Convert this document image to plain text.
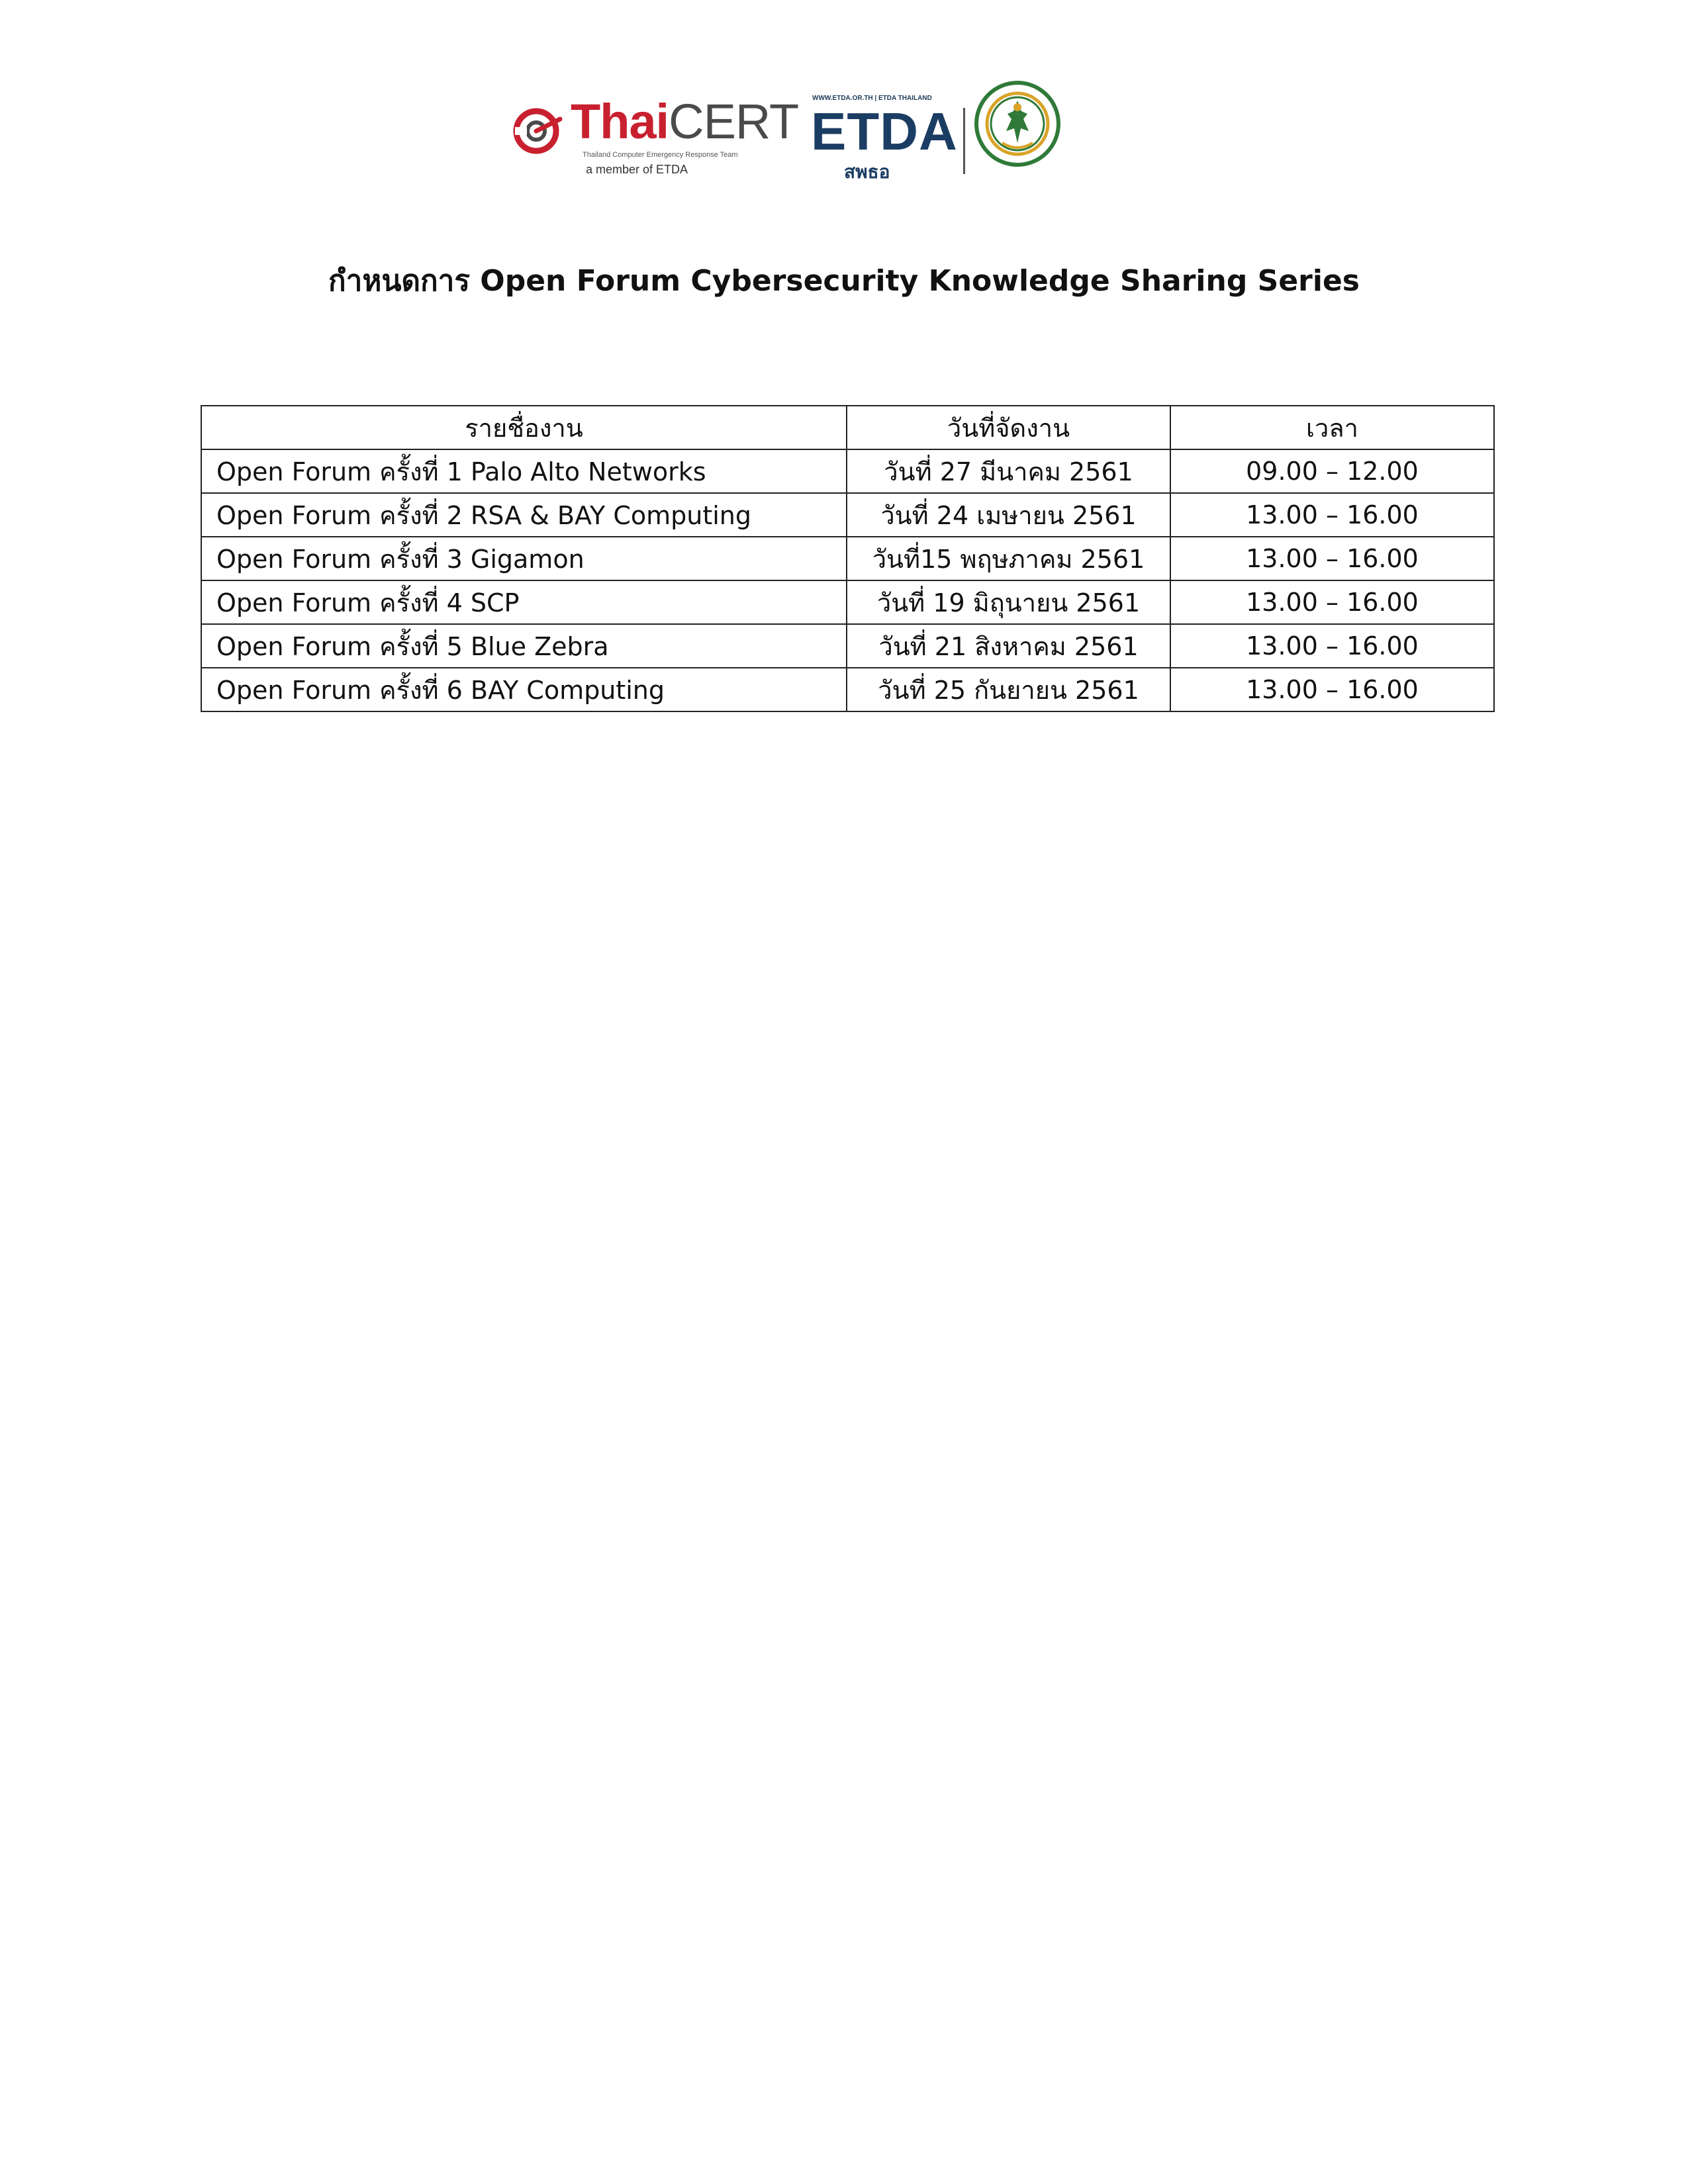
ThaiCERT
Thailand Computer Emergency Response Team
a member of ETDA
WWW.ETDA.OR.TH | ETDA THAILAND
ETDA
สพธอ
กำหนดการ Open Forum Cybersecurity Knowledge Sharing Series
รายชื่องาน	วันที่จัดงาน	เวลา
Open Forum ครั้งที่ 1 Palo Alto Networks	วันที่ 27 มีนาคม 2561	09.00 – 12.00
Open Forum ครั้งที่ 2 RSA & BAY Computing	วันที่ 24 เมษายน 2561	13.00 – 16.00
Open Forum ครั้งที่ 3 Gigamon	วันที่15 พฤษภาคม 2561	13.00 – 16.00
Open Forum ครั้งที่ 4 SCP	วันที่ 19 มิถุนายน 2561	13.00 – 16.00
Open Forum ครั้งที่ 5 Blue Zebra	วันที่ 21 สิงหาคม 2561	13.00 – 16.00
Open Forum ครั้งที่ 6 BAY Computing	วันที่ 25 กันยายน 2561	13.00 – 16.00
